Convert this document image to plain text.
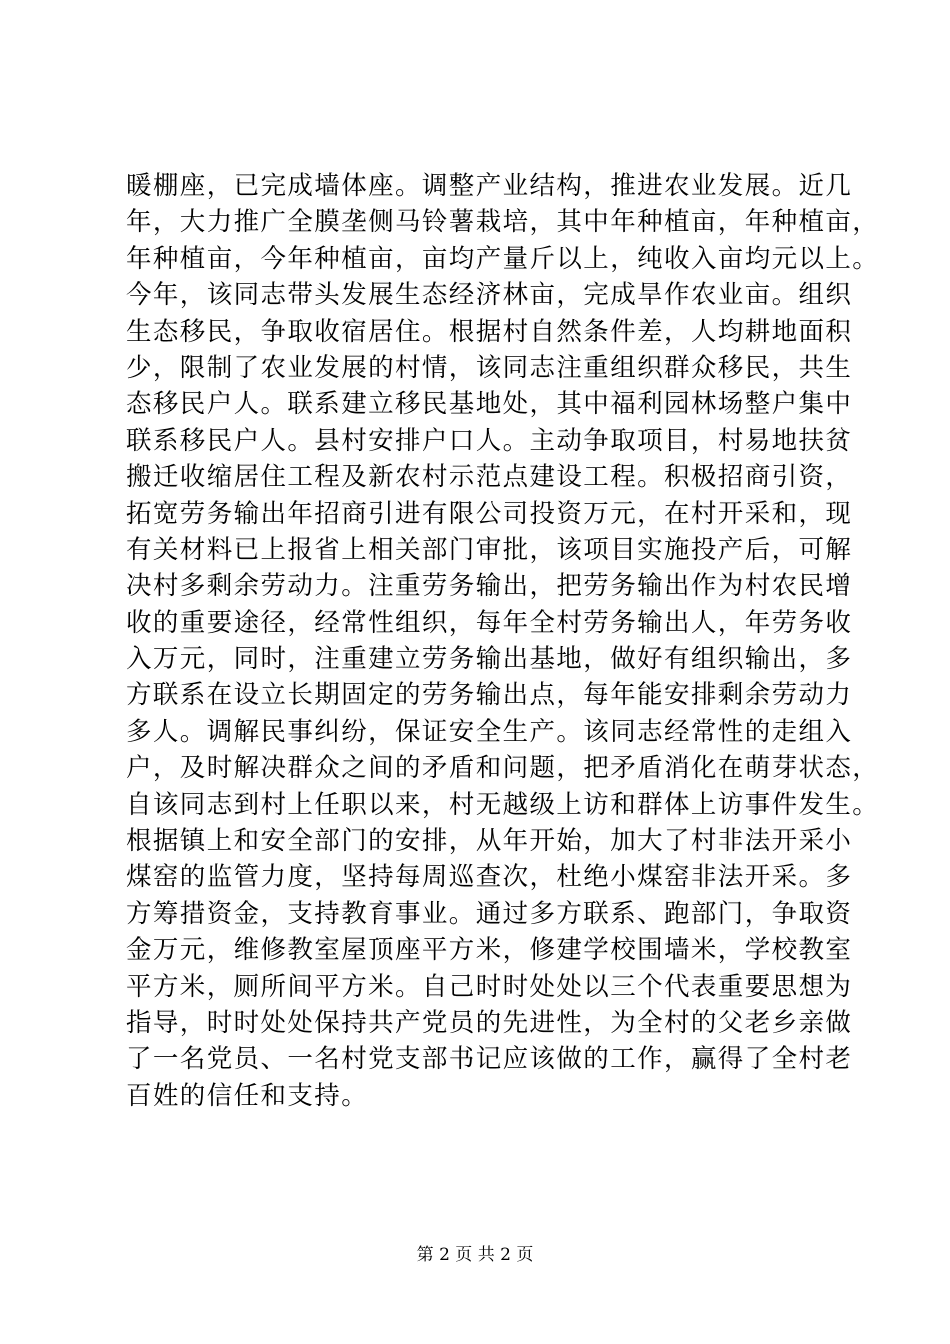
暖棚座，已完成墙体座。调整产业结构，推进农业发展。近几
年，大力推广全膜垄侧马铃薯栽培，其中年种植亩，年种植亩，
年种植亩，今年种植亩，亩均产量斤以上，纯收入亩均元以上。
今年，该同志带头发展生态经济林亩，完成旱作农业亩。组织
生态移民，争取收宿居住。根据村自然条件差，人均耕地面积
少，限制了农业发展的村情，该同志注重组织群众移民，共生
态移民户人。联系建立移民基地处，其中福利园林场整户集中
联系移民户人。县村安排户口人。主动争取项目，村易地扶贫
搬迁收缩居住工程及新农村示范点建设工程。积极招商引资，
拓宽劳务输出年招商引进有限公司投资万元，在村开采和，现
有关材料已上报省上相关部门审批，该项目实施投产后，可解
决村多剩余劳动力。注重劳务输出，把劳务输出作为村农民增
收的重要途径，经常性组织，每年全村劳务输出人，年劳务收
入万元，同时，注重建立劳务输出基地，做好有组织输出，多
方联系在设立长期固定的劳务输出点，每年能安排剩余劳动力
多人。调解民事纠纷，保证安全生产。该同志经常性的走组入
户，及时解决群众之间的矛盾和问题，把矛盾消化在萌芽状态，
自该同志到村上任职以来，村无越级上访和群体上访事件发生。
根据镇上和安全部门的安排，从年开始，加大了村非法开采小
煤窑的监管力度，坚持每周巡查次，杜绝小煤窑非法开采。多
方筹措资金，支持教育事业。通过多方联系、跑部门，争取资
金万元，维修教室屋顶座平方米，修建学校围墙米，学校教室
平方米，厕所间平方米。自己时时处处以三个代表重要思想为
指导，时时处处保持共产党员的先进性，为全村的父老乡亲做
了一名党员、一名村党支部书记应该做的工作，赢得了全村老
百姓的信任和支持。
第 2 页 共 2 页
